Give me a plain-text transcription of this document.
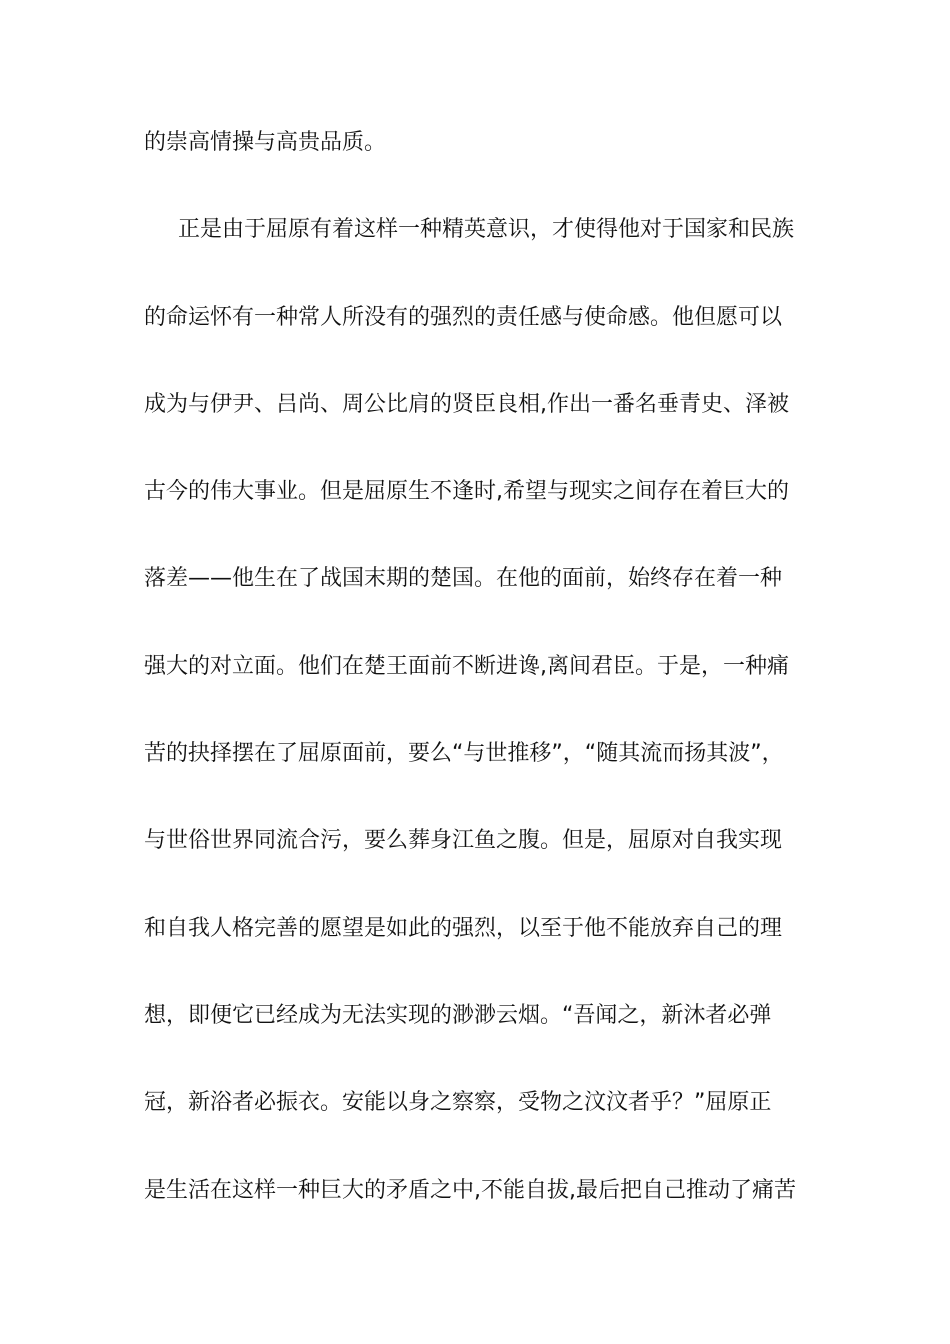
的崇高情操与高贵品质。
正是由于屈原有着这样一种精英意识，才使得他对于国家和民族
的命运怀有一种常人所没有的强烈的责任感与使命感。他但愿可以
成为与伊尹、吕尚、周公比肩的贤臣良相,作出一番名垂青史、泽被
古今的伟大事业。但是屈原生不逢时,希望与现实之间存在着巨大的
落差——他生在了战国末期的楚国。在他的面前，始终存在着一种
强大的对立面。他们在楚王面前不断进谗,离间君臣。于是，一种痛
苦的抉择摆在了屈原面前，要么“与世推移”，“随其流而扬其波”，
与世俗世界同流合污，要么葬身江鱼之腹。但是，屈原对自我实现
和自我人格完善的愿望是如此的强烈，以至于他不能放弃自己的理
想，即便它已经成为无法实现的渺渺云烟。“吾闻之，新沐者必弹
冠，新浴者必振衣。安能以身之察察，受物之汶汶者乎？”屈原正
是生活在这样一种巨大的矛盾之中,不能自拔,最后把自己推动了痛苦
